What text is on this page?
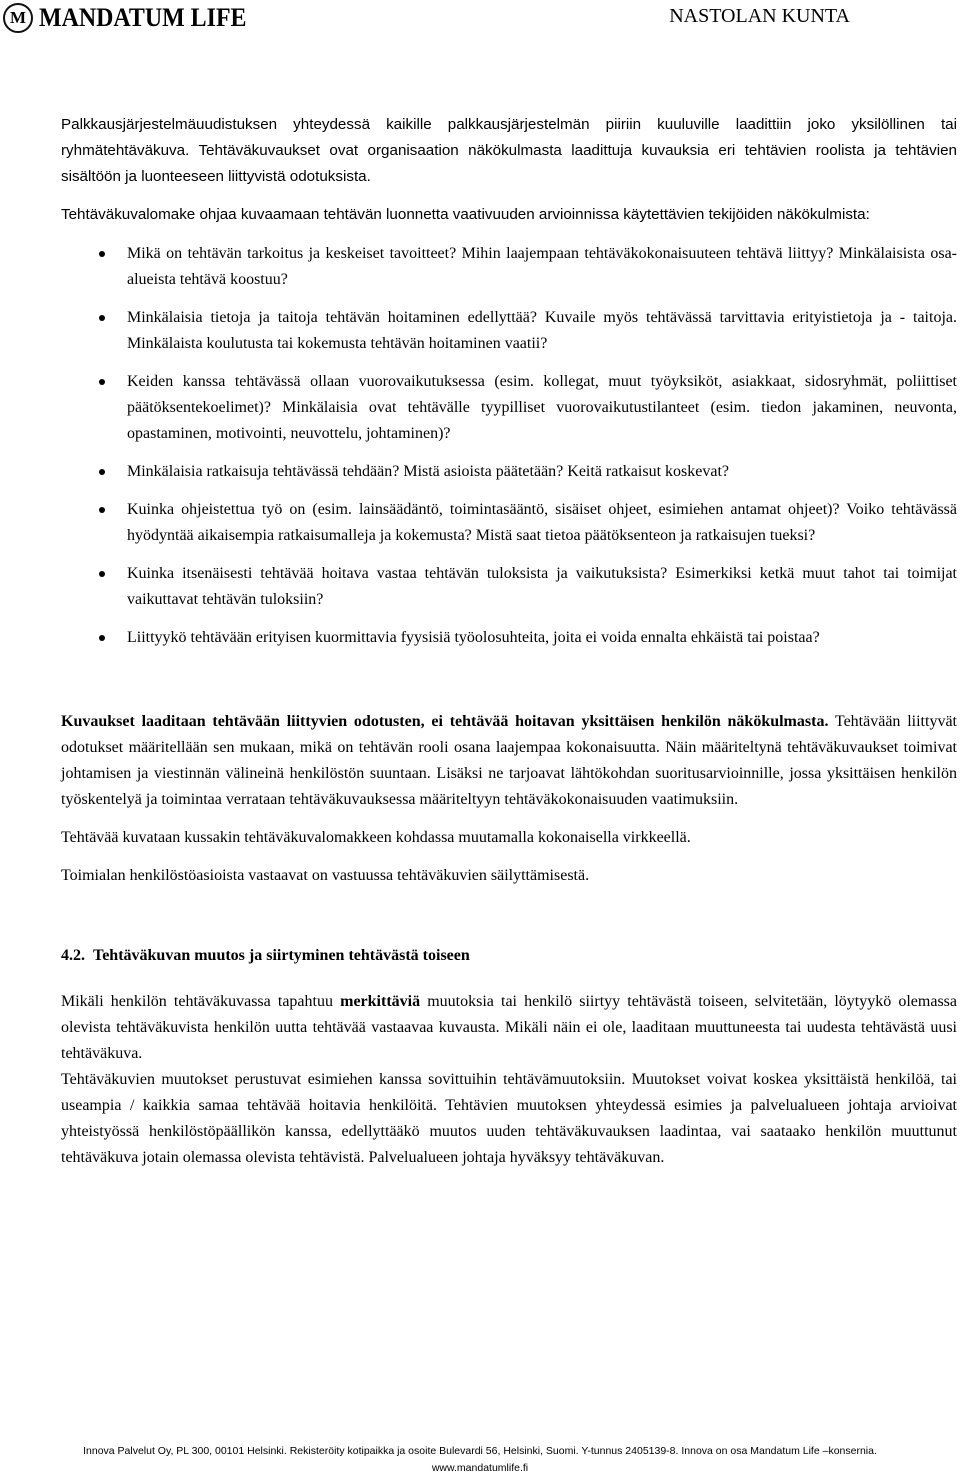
M MANDATUM LIFE	NASTOLAN KUNTA

Palkkausjärjestelmäuudistuksen yhteydessä kaikille palkkausjärjestelmän piiriin kuuluville laadittiin joko yksilöllinen tai ryhmätehtäväkuva. Tehtäväkuvaukset ovat organisaation näkökulmasta laadittuja kuvauksia eri tehtävien roolista ja tehtävien sisältöön ja luonteeseen liittyvistä odotuksista.

Tehtäväkuvalomake ohjaa kuvaamaan tehtävän luonnetta vaativuuden arvioinnissa käytettävien tekijöiden näkökulmista:

Mikä on tehtävän tarkoitus ja keskeiset tavoitteet? Mihin laajempaan tehtäväkokonaisuuteen tehtävä liittyy? Minkälaisista osa-alueista tehtävä koostuu?
Minkälaisia tietoja ja taitoja tehtävän hoitaminen edellyttää? Kuvaile myös tehtävässä tarvittavia erityistietoja ja - taitoja. Minkälaista koulutusta tai kokemusta tehtävän hoitaminen vaatii?
Keiden kanssa tehtävässä ollaan vuorovaikutuksessa (esim. kollegat, muut työyksiköt, asiakkaat, sidosryhmät, poliittiset päätöksentekoelimet)? Minkälaisia ovat tehtävälle tyypilliset vuorovaikutustilanteet (esim. tiedon jakaminen, neuvonta, opastaminen, motivointi, neuvottelu, johtaminen)?
Minkälaisia ratkaisuja tehtävässä tehdään? Mistä asioista päätetään? Keitä ratkaisut koskevat?
Kuinka ohjeistettua työ on (esim. lainsäädäntö, toimintasääntö, sisäiset ohjeet, esimiehen antamat ohjeet)? Voiko tehtävässä hyödyntää aikaisempia ratkaisumalleja ja kokemusta? Mistä saat tietoa päätöksenteon ja ratkaisujen tueksi?
Kuinka itsenäisesti tehtävää hoitava vastaa tehtävän tuloksista ja vaikutuksista? Esimerkiksi ketkä muut tahot tai toimijat vaikuttavat tehtävän tuloksiin?
Liittyykö tehtävään erityisen kuormittavia fyysisiä työolosuhteita, joita ei voida ennalta ehkäistä tai poistaa?

Kuvaukset laaditaan tehtävään liittyvien odotusten, ei tehtävää hoitavan yksittäisen henkilön näkökulmasta. Tehtävään liittyvät odotukset määritellään sen mukaan, mikä on tehtävän rooli osana laajempaa kokonaisuutta. Näin määriteltynä tehtäväkuvaukset toimivat johtamisen ja viestinnän välineinä henkilöstön suuntaan. Lisäksi ne tarjoavat lähtökohdan suoritusarvioinnille, jossa yksittäisen henkilön työskentelyä ja toimintaa verrataan tehtäväkuvauksessa määriteltyyn tehtäväkokonaisuuden vaatimuksiin.

Tehtävää kuvataan kussakin tehtäväkuvalomakkeen kohdassa muutamalla kokonaisella virkkeellä.

Toimialan henkilöstöasioista vastaavat on vastuussa tehtäväkuvien säilyttämisestä.

4.2. Tehtäväkuvan muutos ja siirtyminen tehtävästä toiseen

Mikäli henkilön tehtäväkuvassa tapahtuu merkittäviä muutoksia tai henkilö siirtyy tehtävästä toiseen, selvitetään, löytyykö olemassa olevista tehtäväkuvista henkilön uutta tehtävää vastaavaa kuvausta. Mikäli näin ei ole, laaditaan muuttuneesta tai uudesta tehtävästä uusi tehtäväkuva.

Tehtäväkuvien muutokset perustuvat esimiehen kanssa sovittuihin tehtävämuutoksiin. Muutokset voivat koskea yksittäistä henkilöä, tai useampia / kaikkia samaa tehtävää hoitavia henkilöitä. Tehtävien muutoksen yhteydessä esimies ja palvelualueen johtaja arvioivat yhteistyössä henkilöstöpäällikön kanssa, edellyttääkö muutos uuden tehtäväkuvauksen laadintaa, vai saataako henkilön muuttunut tehtäväkuva jotain olemassa olevista tehtävistä. Palvelualueen johtaja hyväksyy tehtäväkuvan.

Innova Palvelut Oy, PL 300, 00101 Helsinki. Rekisteröity kotipaikka ja osoite Bulevardi 56, Helsinki, Suomi. Y-tunnus 2405139-8. Innova on osa Mandatum Life –konsernia.
www.mandatumlife.fi
